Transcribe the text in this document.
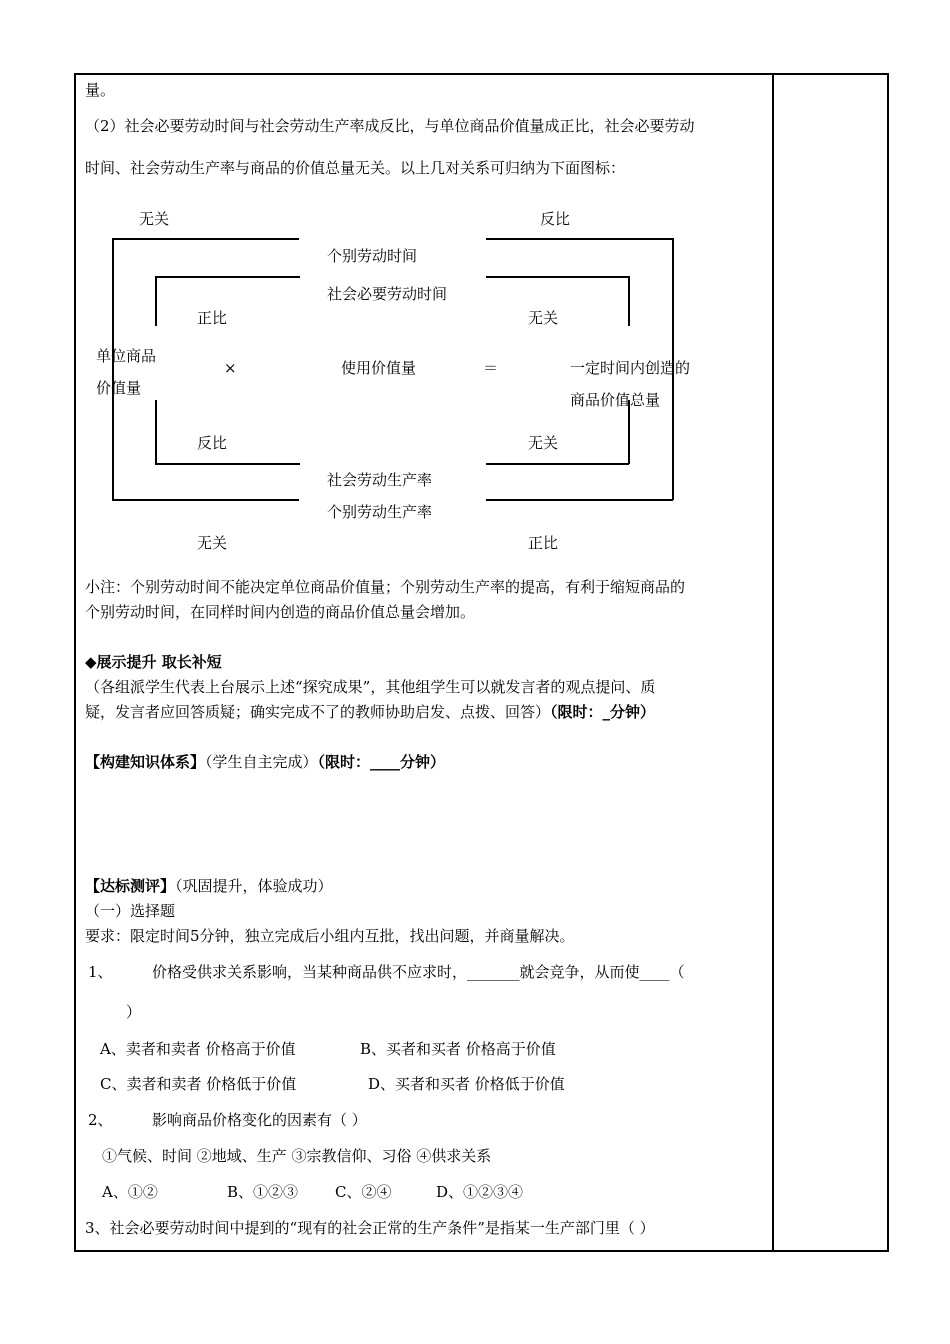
量。
（2）社会必要劳动时间与社会劳动生产率成反比，与单位商品价值量成正比，社会必要劳动
时间、社会劳动生产率与商品的价值总量无关。以上几对关系可归纳为下面图标：
无关	反比
个别劳动时间
社会必要劳动时间
正比	无关
单位商品
价值量
×	使用价值量	＝	一定时间内创造的
商品价值总量
反比	无关
社会劳动生产率
个别劳动生产率
无关	正比
小注：个别劳动时间不能决定单位商品价值量；个别劳动生产率的提高，有利于缩短商品的
个别劳动时间，在同样时间内创造的商品价值总量会增加。
◆展示提升 取长补短
（各组派学生代表上台展示上述“探究成果”，其他组学生可以就发言者的观点提问、质
疑，发言者应回答质疑；确实完成不了的教师协助启发、点拨、回答）（限时：_分钟）
【构建知识体系】（学生自主完成）（限时：____分钟）
【达标测评】（巩固提升，体验成功）
（一）选择题
要求：限定时间5分钟，独立完成后小组内互批，找出问题，并商量解决。
1、	价格受供求关系影响，当某种商品供不应求时，_______就会竞争，从而使____（
）
A、卖者和卖者 价格高于价值	B、买者和买者 价格高于价值
C、卖者和卖者 价格低于价值	D、买者和买者 价格低于价值
2、	影响商品价格变化的因素有（ ）
①气候、时间 ②地域、生产 ③宗教信仰、习俗 ④供求关系
A、①②	B、①②③ C、②④	D、①②③④
3、社会必要劳动时间中提到的“现有的社会正常的生产条件”是指某一生产部门里（ ）
